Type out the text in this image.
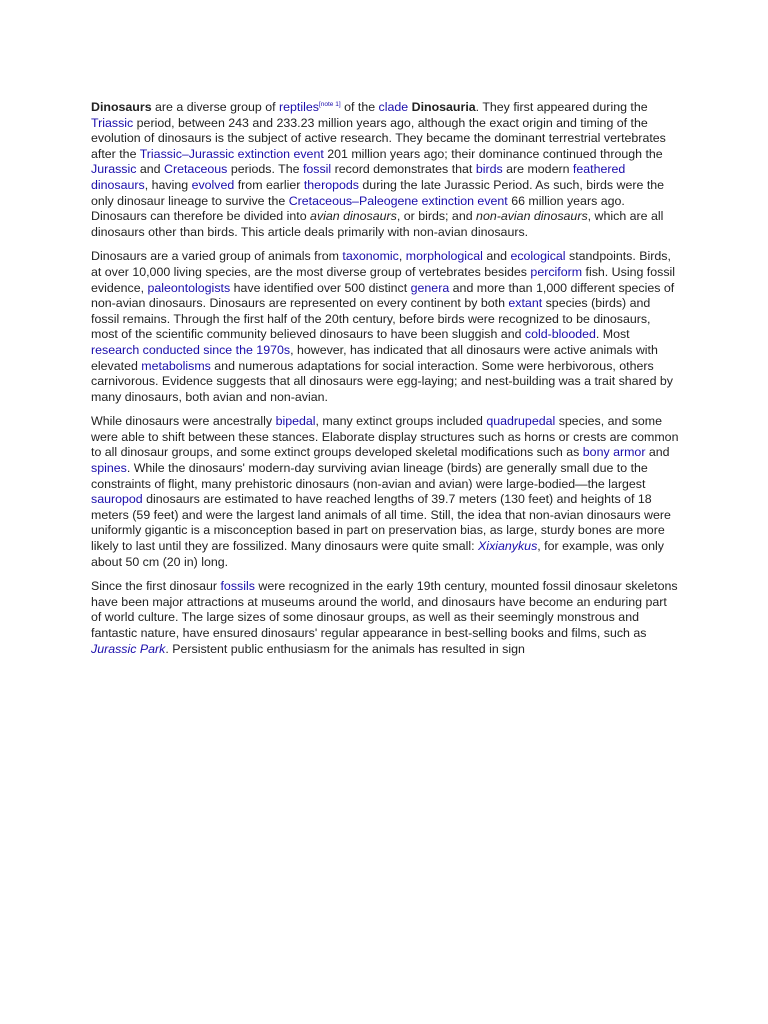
Dinosaurs are a diverse group of reptiles[note 1] of the clade Dinosauria. They first appeared during the Triassic period, between 243 and 233.23 million years ago, although the exact origin and timing of the evolution of dinosaurs is the subject of active research. They became the dominant terrestrial vertebrates after the Triassic–Jurassic extinction event 201 million years ago; their dominance continued through the Jurassic and Cretaceous periods. The fossil record demonstrates that birds are modern feathered dinosaurs, having evolved from earlier theropods during the late Jurassic Period. As such, birds were the only dinosaur lineage to survive the Cretaceous–Paleogene extinction event 66 million years ago. Dinosaurs can therefore be divided into avian dinosaurs, or birds; and non-avian dinosaurs, which are all dinosaurs other than birds. This article deals primarily with non-avian dinosaurs.

Dinosaurs are a varied group of animals from taxonomic, morphological and ecological standpoints. Birds, at over 10,000 living species, are the most diverse group of vertebrates besides perciform fish. Using fossil evidence, paleontologists have identified over 500 distinct genera and more than 1,000 different species of non-avian dinosaurs. Dinosaurs are represented on every continent by both extant species (birds) and fossil remains. Through the first half of the 20th century, before birds were recognized to be dinosaurs, most of the scientific community believed dinosaurs to have been sluggish and cold-blooded. Most research conducted since the 1970s, however, has indicated that all dinosaurs were active animals with elevated metabolisms and numerous adaptations for social interaction. Some were herbivorous, others carnivorous. Evidence suggests that all dinosaurs were egg-laying; and nest-building was a trait shared by many dinosaurs, both avian and non-avian.

While dinosaurs were ancestrally bipedal, many extinct groups included quadrupedal species, and some were able to shift between these stances. Elaborate display structures such as horns or crests are common to all dinosaur groups, and some extinct groups developed skeletal modifications such as bony armor and spines. While the dinosaurs' modern-day surviving avian lineage (birds) are generally small due to the constraints of flight, many prehistoric dinosaurs (non-avian and avian) were large-bodied—the largest sauropod dinosaurs are estimated to have reached lengths of 39.7 meters (130 feet) and heights of 18 meters (59 feet) and were the largest land animals of all time. Still, the idea that non-avian dinosaurs were uniformly gigantic is a misconception based in part on preservation bias, as large, sturdy bones are more likely to last until they are fossilized. Many dinosaurs were quite small: Xixianykus, for example, was only about 50 cm (20 in) long.

Since the first dinosaur fossils were recognized in the early 19th century, mounted fossil dinosaur skeletons have been major attractions at museums around the world, and dinosaurs have become an enduring part of world culture. The large sizes of some dinosaur groups, as well as their seemingly monstrous and fantastic nature, have ensured dinosaurs' regular appearance in best-selling books and films, such as Jurassic Park. Persistent public enthusiasm for the animals has resulted in sign
